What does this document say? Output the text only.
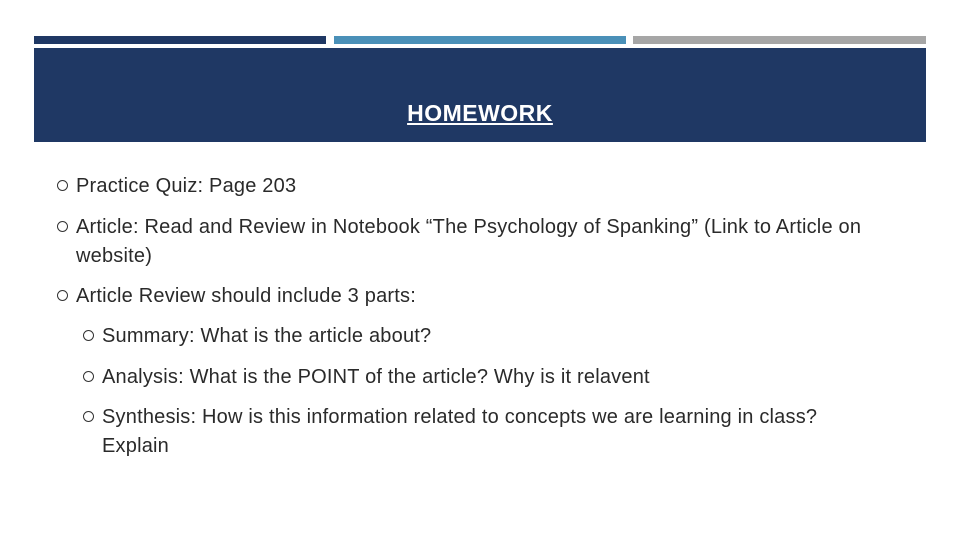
HOMEWORK
Practice Quiz: Page 203
Article: Read and Review in Notebook “The Psychology of Spanking” (Link to Article on website)
Article Review should include 3 parts:
Summary: What is the article about?
Analysis: What is the POINT of the article? Why is it relavent
Synthesis: How is this information related to concepts we are learning in class? Explain
